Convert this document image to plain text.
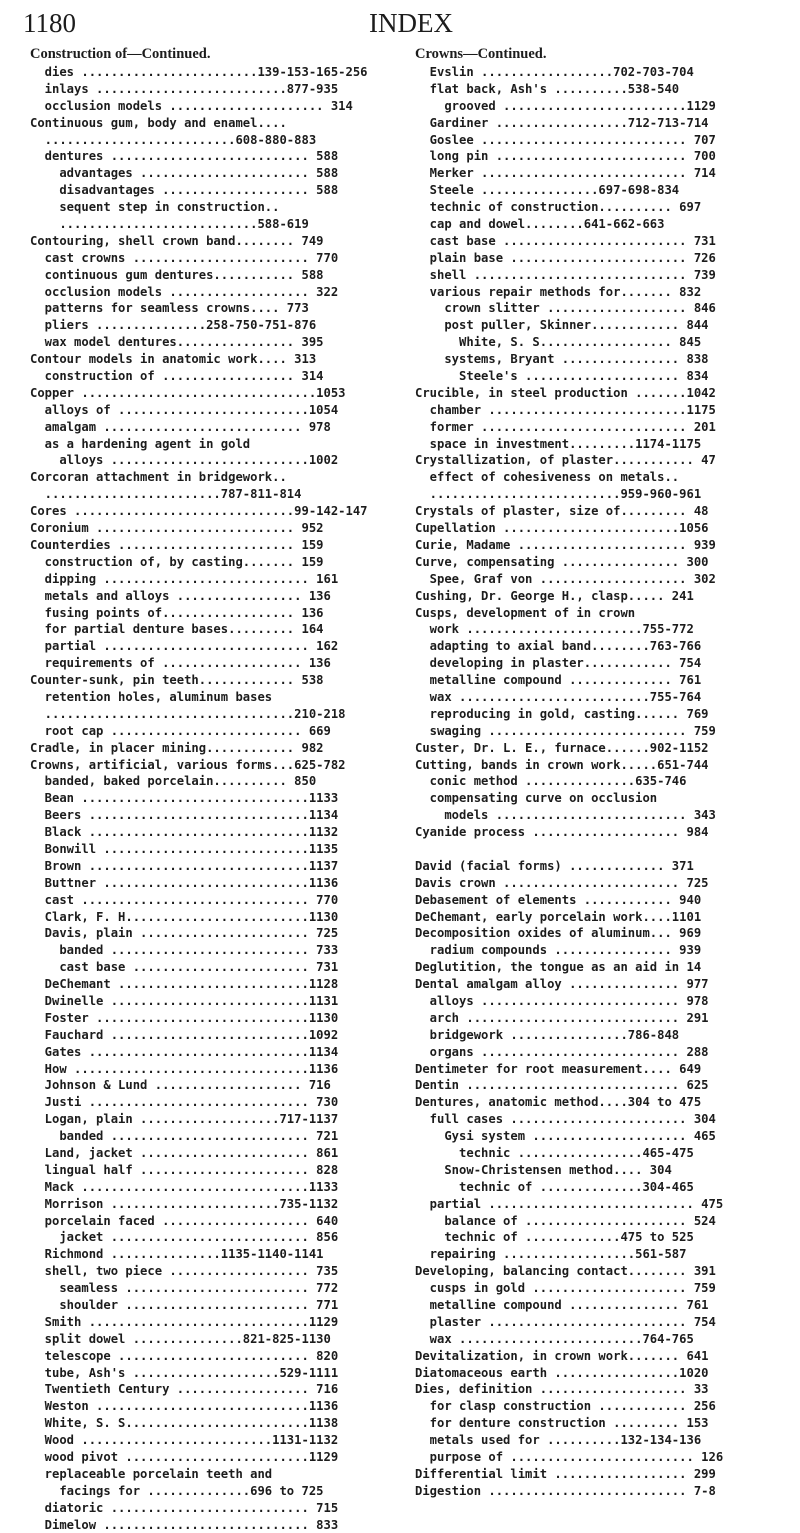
1180	INDEX
Construction of—Continued.
dies ........................139-153-165-256
inlays ..........................877-935
occlusion models ..................... 314
Continuous gum, body and enamel....
..........................608-880-883
dentures ........................... 588
advantages ....................... 588
disadvantages .................... 588
sequent step in construction..
...........................588-619
Contouring, shell crown band........ 749
cast crowns ........................ 770
continuous gum dentures........... 588
occlusion models ................... 322
patterns for seamless crowns.... 773
pliers ...............258-750-751-876
wax model dentures................ 395
Contour models in anatomic work.... 313
construction of .................. 314
Copper ................................1053
alloys of ..........................1054
amalgam ........................... 978
as a hardening agent in gold
alloys ...........................1002
Corcoran attachment in bridgework..
........................787-811-814
Cores ..............................99-142-147
Coronium ........................... 952
Counterdies ........................ 159
construction of, by casting....... 159
dipping ............................ 161
metals and alloys ................. 136
fusing points of.................. 136
for partial denture bases......... 164
partial ............................ 162
requirements of ................... 136
Counter-sunk, pin teeth............. 538
retention holes, aluminum bases
..................................210-218
root cap .......................... 669
Cradle, in placer mining............ 982
Crowns, artificial, various forms...625-782
banded, baked porcelain.......... 850
Bean ...............................1133
Beers ..............................1134
Black ..............................1132
Bonwill ............................1135
Brown ..............................1137
Buttner ............................1136
cast ............................... 770
Clark, F. H.........................1130
Davis, plain ....................... 725
banded ........................... 733
cast base ........................ 731
DeChemant ..........................1128
Dwinelle ...........................1131
Foster .............................1130
Fauchard ...........................1092
Gates ..............................1134
How ................................1136
Johnson & Lund .................... 716
Justi .............................. 730
Logan, plain ...................717-1137
banded ........................... 721
Land, jacket ....................... 861
lingual half ....................... 828
Mack ...............................1133
Morrison .......................735-1132
porcelain faced .................... 640
jacket ........................... 856
Richmond ...............1135-1140-1141
shell, two piece ................... 735
seamless ......................... 772
shoulder ......................... 771
Smith ..............................1129
split dowel ...............821-825-1130
telescope .......................... 820
tube, Ash's ....................529-1111
Twentieth Century .................. 716
Weston .............................1136
White, S. S.........................1138
Wood ..........................1131-1132
wood pivot .........................1129
replaceable porcelain teeth and
facings for ..............696 to 725
diatoric ........................... 715
Dimelow ............................ 833
Crowns—Continued.
Evslin ..................702-703-704
flat back, Ash's ..........538-540
grooved .........................1129
Gardiner ..................712-713-714
Goslee ............................ 707
long pin .......................... 700
Merker ............................ 714
Steele ................697-698-834
technic of construction.......... 697
cap and dowel........641-662-663
cast base ......................... 731
plain base ........................ 726
shell ............................. 739
various repair methods for....... 832
crown slitter ................... 846
post puller, Skinner............ 844
White, S. S.................. 845
systems, Bryant ................ 838
Steele's ..................... 834
Crucible, in steel production .......1042
chamber ...........................1175
former ............................ 201
space in investment.........1174-1175
Crystallization, of plaster........... 47
effect of cohesiveness on metals..
..........................959-960-961
Crystals of plaster, size of......... 48
Cupellation ........................1056
Curie, Madame ....................... 939
Curve, compensating ................ 300
Spee, Graf von .................... 302
Cushing, Dr. George H., clasp..... 241
Cusps, development of in crown
work ........................755-772
adapting to axial band........763-766
developing in plaster............ 754
metalline compound .............. 761
wax ..........................755-764
reproducing in gold, casting...... 769
swaging ........................... 759
Custer, Dr. L. E., furnace......902-1152
Cutting, bands in crown work.....651-744
conic method ...............635-746
compensating curve on occlusion
models .......................... 343
Cyanide process .................... 984
David (facial forms) ............. 371
Davis crown ........................ 725
Debasement of elements ............ 940
DeChemant, early porcelain work....1101
Decomposition oxides of aluminum... 969
radium compounds ................ 939
Deglutition, the tongue as an aid in 14
Dental amalgam alloy ............... 977
alloys ........................... 978
arch ............................. 291
bridgework ................786-848
organs ........................... 288
Dentimeter for root measurement.... 649
Dentin ............................. 625
Dentures, anatomic method....304 to 475
full cases ........................ 304
Gysi system ..................... 465
technic .................465-475
Snow-Christensen method.... 304
technic of ..............304-465
partial ............................ 475
balance of ...................... 524
technic of .............475 to 525
repairing ..................561-587
Developing, balancing contact........ 391
cusps in gold ..................... 759
metalline compound ............... 761
plaster ........................... 754
wax .........................764-765
Devitalization, in crown work....... 641
Diatomaceous earth .................1020
Dies, definition .................... 33
for clasp construction ............ 256
for denture construction ......... 153
metals used for ..........132-134-136
purpose of ......................... 126
Differential limit .................. 299
Digestion ........................... 7-8
